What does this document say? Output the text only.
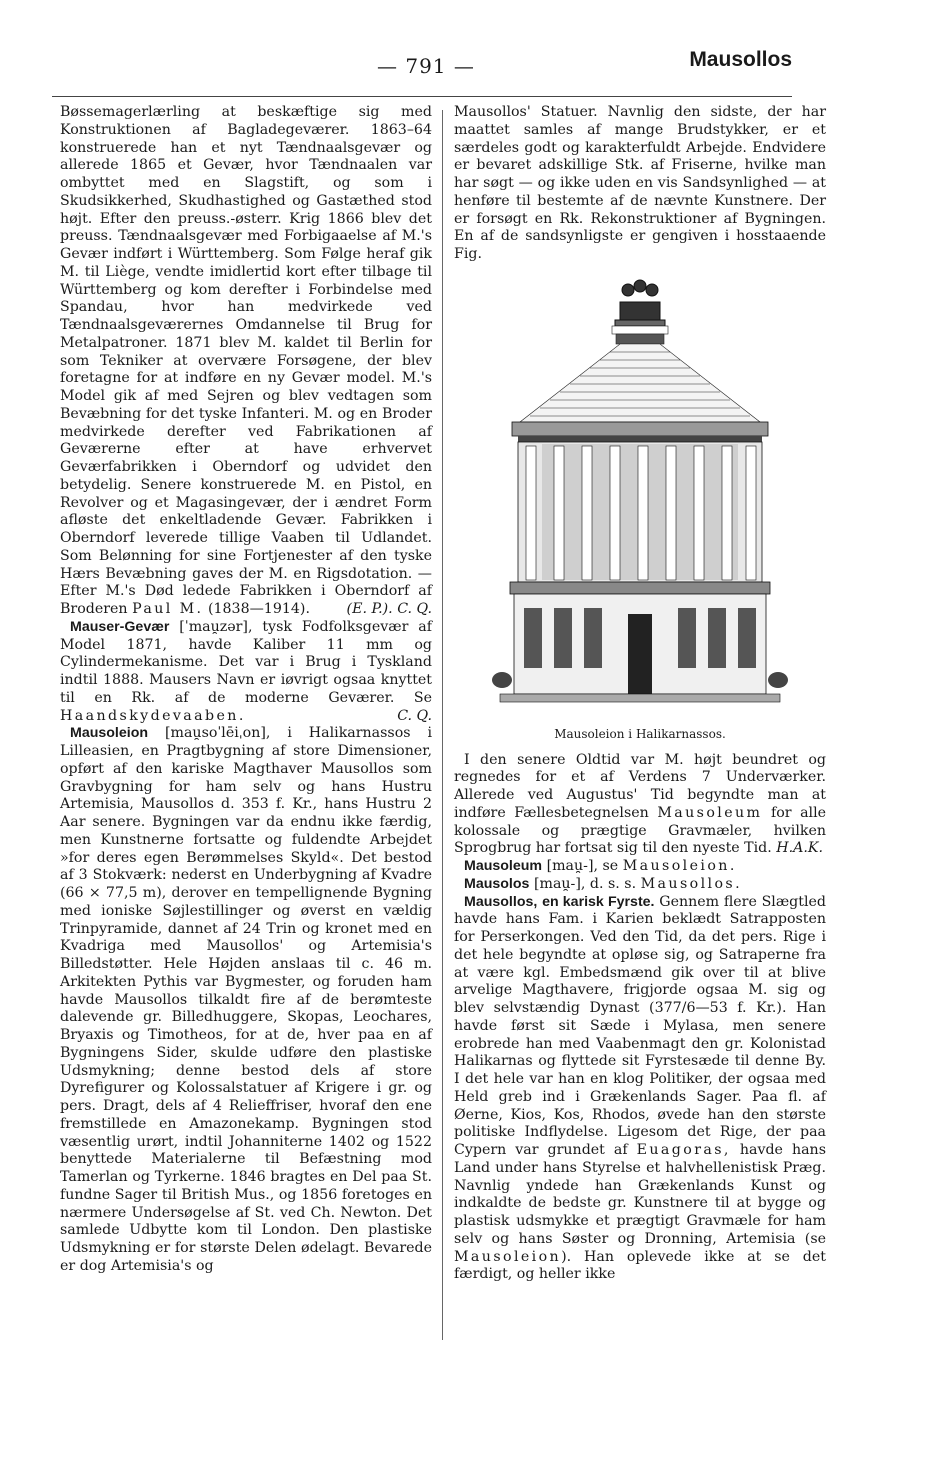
— 791 —	Mausollos

Bøssemagerlærling at beskæftige sig med Konstruktionen af Bagladegeværer. 1863–64 konstruerede han et nyt Tændnaalsgevær og allerede 1865 et Gevær, hvor Tændnaalen var ombyttet med en Slagstift, og som i Skudsikkerhed, Skudhastighed og Gastæthed stod højt. Efter den preuss.-østerr. Krig 1866 blev det preuss. Tændnaalsgevær med Forbigaaelse af M.'s Gevær indført i Württemberg. Som Følge heraf gik M. til Liège, vendte imidlertid kort efter tilbage til Württemberg og kom derefter i Forbindelse med Spandau, hvor han medvirkede ved Tændnaalsgeværernes Omdannelse til Brug for Metalpatroner. 1871 blev M. kaldet til Berlin for som Tekniker at overvære Forsøgene, der blev foretagne for at indføre en ny Gevær model. M.'s Model gik af med Sejren og blev vedtagen som Bevæbning for det tyske Infanteri. M. og en Broder medvirkede derefter ved Fabrikationen af Geværerne efter at have erhvervet Geværfabrikken i Oberndorf og udvidet den betydelig. Senere konstruerede M. en Pistol, en Revolver og et Magasingevær, der i ændret Form afløste det enkeltladende Gevær. Fabrikken i Oberndorf leverede tillige Vaaben til Udlandet. Som Belønning for sine Fortjenester af den tyske Hærs Bevæbning gaves der M. en Rigsdotation. — Efter M.'s Død ledede Fabrikken i Oberndorf af Broderen Paul M. (1838—1914).	(E. P.). C. Q.

Mauser-Gevær [ˈmau̯zər], tysk Fodfolksgevær af Model 1871, havde Kaliber 11 mm og Cylindermekanisme. Det var i Brug i Tyskland indtil 1888. Mausers Navn er iøvrigt ogsaa knyttet til en Rk. af de moderne Geværer. Se Haandskydevaaben.	C. Q.

Mausoleion [mau̯soˈlēiˌon], i Halikarnassos i Lilleasien, en Pragtbygning af store Dimensioner, opført af den kariske Magthaver Mausollos som Gravbygning for ham selv og hans Hustru Artemisia, Mausollos d. 353 f. Kr., hans Hustru 2 Aar senere. Bygningen var da endnu ikke færdig, men Kunstnerne fortsatte og fuldendte Arbejdet »for deres egen Berømmelses Skyld«. Det bestod af 3 Stokværk: nederst en Underbygning af Kvadre (66 × 77,5 m), derover en tempellignende Bygning med ioniske Søjlestillinger og øverst en vældig Trinpyramide, dannet af 24 Trin og kronet med en Kvadriga med Mausollos' og Artemisia's Billedstøtter. Hele Højden anslaas til c. 46 m. Arkitekten Pythis var Bygmester, og foruden ham havde Mausollos tilkaldt fire af de berømteste dalevende gr. Billedhuggere, Skopas, Leochares, Bryaxis og Timotheos, for at de, hver paa en af Bygningens Sider, skulde udføre den plastiske Udsmykning; denne bestod dels af store Dyrefigurer og Kolossalstatuer af Krigere i gr. og pers. Dragt, dels af 4 Relieffriser, hvoraf den ene fremstillede en Amazonekamp. Bygningen stod væsentlig urørt, indtil Johanniterne 1402 og 1522 benyttede Materialerne til Befæstning mod Tamerlan og Tyrkerne. 1846 bragtes en Del paa St. fundne Sager til British Mus., og 1856 foretoges en nærmere Undersøgelse af St. ved Ch. Newton. Det samlede Udbytte kom til London. Den plastiske Udsmykning er for største Delen ødelagt. Bevarede er dog Artemisia's og

Mausollos' Statuer. Navnlig den sidste, der har maattet samles af mange Brudstykker, er et særdeles godt og karakterfuldt Arbejde. Endvidere er bevaret adskillige Stk. af Friserne, hvilke man har søgt — og ikke uden en vis Sandsynlighed — at henføre til bestemte af de nævnte Kunstnere. Der er forsøgt en Rk. Rekonstruktioner af Bygningen. En af de sandsynligste er gengiven i hosstaaende Fig.

Mausoleion i Halikarnassos.

I den senere Oldtid var M. højt beundret og regnedes for et af Verdens 7 Underværker. Allerede ved Augustus' Tid begyndte man at indføre Fællesbetegnelsen Mausoleum for alle kolossale og prægtige Gravmæler, hvilken Sprogbrug har fortsat sig til den nyeste Tid. H.A.K.

Mausoleum [mau̯-], se Mausoleion.

Mausolos [mau̯-], d. s. s. Mausollos.

Mausollos, en karisk Fyrste. Gennem flere Slægtled havde hans Fam. i Karien beklædt Satrapposten for Perserkongen. Ved den Tid, da det pers. Rige i det hele begyndte at opløse sig, og Satraperne fra at være kgl. Embedsmænd gik over til at blive arvelige Magthavere, frigjorde ogsaa M. sig og blev selvstændig Dynast (377/6—53 f. Kr.). Han havde først sit Sæde i Mylasa, men senere erobrede han med Vaabenmagt den gr. Kolonistad Halikarnas og flyttede sit Fyrstesæde til denne By. I det hele var han en klog Politiker, der ogsaa med Held greb ind i Grækenlands Sager. Paa fl. af Øerne, Kios, Kos, Rhodos, øvede han den største politiske Indflydelse. Ligesom det Rige, der paa Cypern var grundet af Euagoras, havde hans Land under hans Styrelse et halvhellenistisk Præg. Navnlig yndede han Grækenlands Kunst og indkaldte de bedste gr. Kunstnere til at bygge og plastisk udsmykke et prægtigt Gravmæle for ham selv og hans Søster og Dronning, Artemisia (se Mausoleion). Han oplevede ikke at se det færdigt, og heller ikke
